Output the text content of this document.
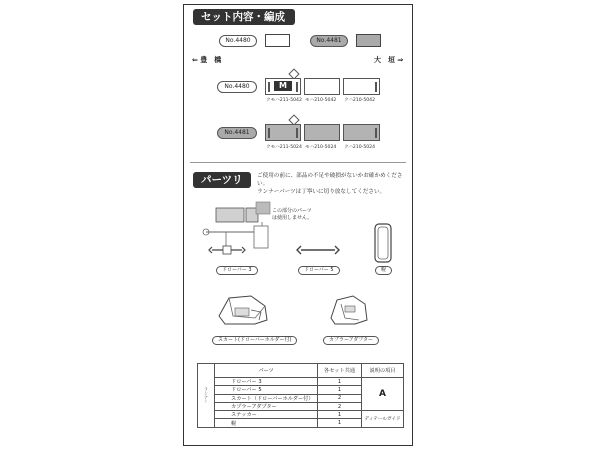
セット内容・編成例
No.4480	No.4481
⇐ 豊　橋	大　垣 ⇒
No.4480	M
クモハ211-5042 モハ210-5042 クハ210-5042
No.4481
クモハ211-5024 モハ210-5024 クハ210-5024
パーツリスト
ご使用の前に、部品の不足や破損がないかお確かめください。
ランナーパーツは丁寧いに切り放なしてください。
この部分のパーツ
は使用しません。
ドローバー 3	ドローバー 5	幌
スカート(ドローバーホルダー付)	カプラーアダプター
ランナー	パーツ	各セット共通	説明の項目
	ドローバー 3	1	A
	ドローバー 5	1	
	スカート（ドローバーホルダー付）	2	
	カプラーアダプター	2	
	ステッカー	1	ディテールガイド
	幌	1	
